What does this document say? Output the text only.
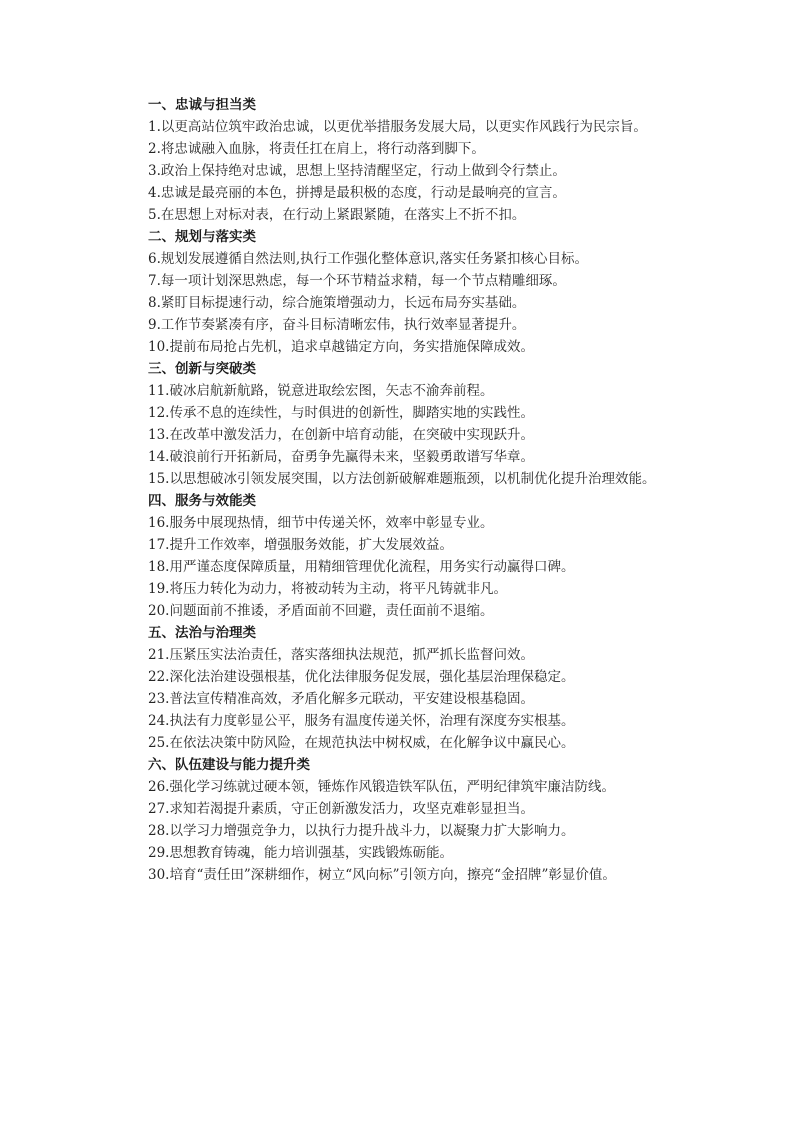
一、忠诚与担当类

1.以更高站位筑牢政治忠诚，以更优举措服务发展大局，以更实作风践行为民宗旨。

2.将忠诚融入血脉，将责任扛在肩上，将行动落到脚下。

3.政治上保持绝对忠诚，思想上坚持清醒坚定，行动上做到令行禁止。

4.忠诚是最亮丽的本色，拼搏是最积极的态度，行动是最响亮的宣言。

5.在思想上对标对表，在行动上紧跟紧随，在落实上不折不扣。

二、规划与落实类

6.规划发展遵循自然法则,执行工作强化整体意识,落实任务紧扣核心目标。

7.每一项计划深思熟虑，每一个环节精益求精，每一个节点精雕细琢。

8.紧盯目标提速行动，综合施策增强动力，长远布局夯实基础。

9.工作节奏紧凑有序，奋斗目标清晰宏伟，执行效率显著提升。

10.提前布局抢占先机，追求卓越锚定方向，务实措施保障成效。

三、创新与突破类

11.破冰启航新航路，锐意进取绘宏图，矢志不渝奔前程。

12.传承不息的连续性，与时俱进的创新性，脚踏实地的实践性。

13.在改革中激发活力，在创新中培育动能，在突破中实现跃升。

14.破浪前行开拓新局，奋勇争先赢得未来，坚毅勇敢谱写华章。

15.以思想破冰引领发展突围，以方法创新破解难题瓶颈，以机制优化提升治理效能。

四、服务与效能类

16.服务中展现热情，细节中传递关怀，效率中彰显专业。

17.提升工作效率，增强服务效能，扩大发展效益。

18.用严谨态度保障质量，用精细管理优化流程，用务实行动赢得口碑。

19.将压力转化为动力，将被动转为主动，将平凡铸就非凡。

20.问题面前不推诿，矛盾面前不回避，责任面前不退缩。

五、法治与治理类

21.压紧压实法治责任，落实落细执法规范，抓严抓长监督问效。

22.深化法治建设强根基，优化法律服务促发展，强化基层治理保稳定。

23.普法宣传精准高效，矛盾化解多元联动，平安建设根基稳固。

24.执法有力度彰显公平，服务有温度传递关怀，治理有深度夯实根基。

25.在依法决策中防风险，在规范执法中树权威，在化解争议中赢民心。

六、队伍建设与能力提升类

26.强化学习练就过硬本领，锤炼作风锻造铁军队伍，严明纪律筑牢廉洁防线。

27.求知若渴提升素质，守正创新激发活力，攻坚克难彰显担当。

28.以学习力增强竞争力，以执行力提升战斗力，以凝聚力扩大影响力。

29.思想教育铸魂，能力培训强基，实践锻炼砺能。

30.培育“责任田”深耕细作，树立“风向标”引领方向，擦亮“金招牌”彰显价值。
